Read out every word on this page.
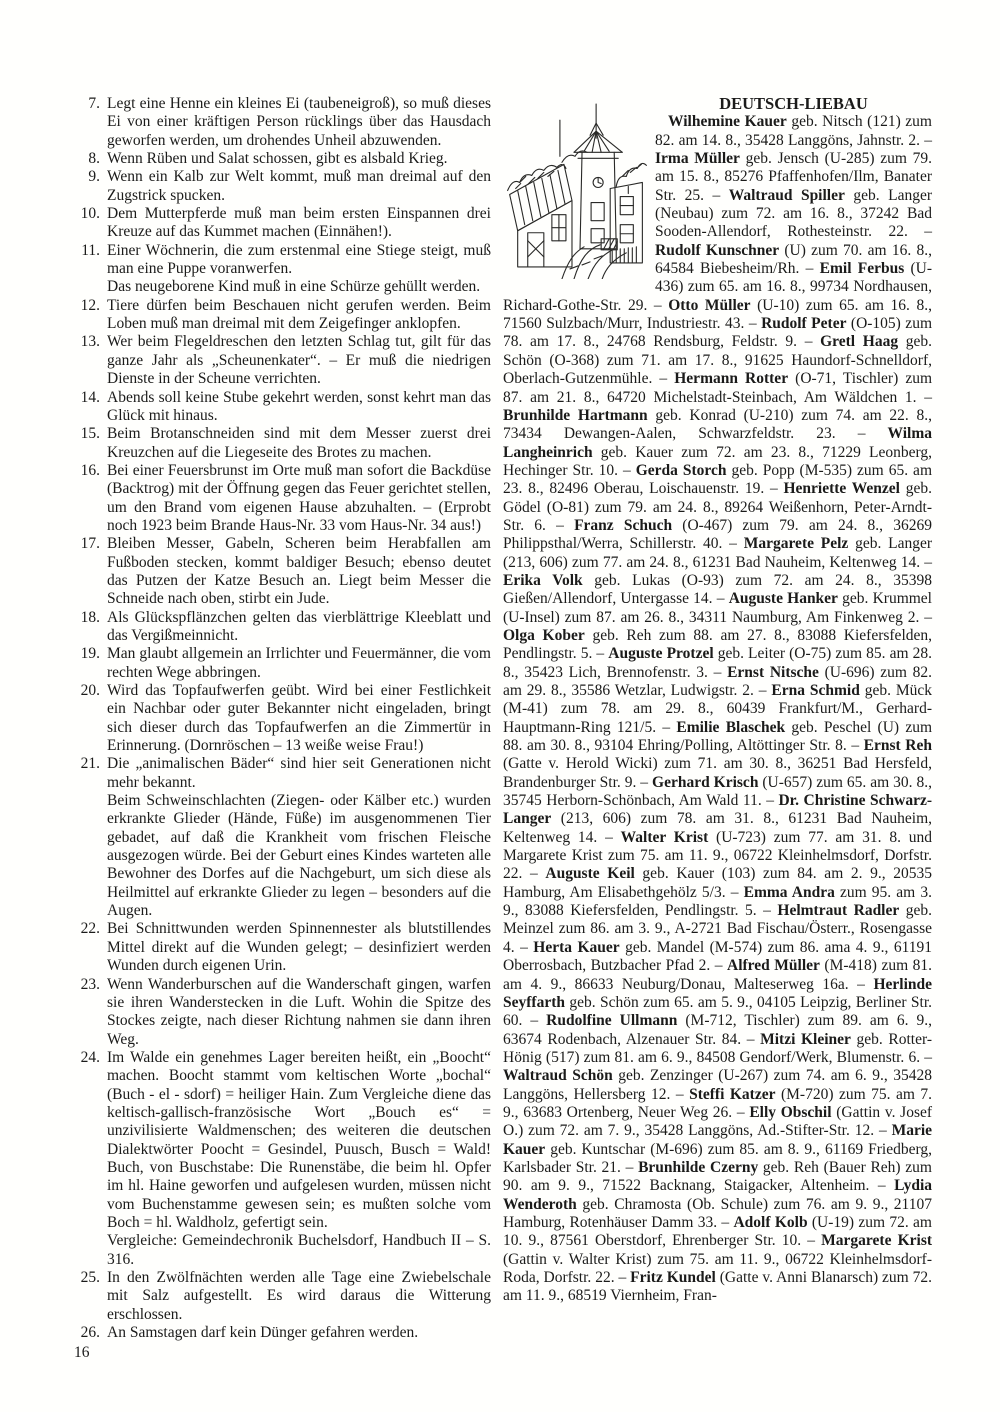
7. Legt eine Henne ein kleines Ei (taubeneigroß), so muß dieses Ei von einer kräftigen Person rücklings über das Hausdach geworfen werden, um drohendes Unheil abzuwenden.

8. Wenn Rüben und Salat schossen, gibt es alsbald Krieg.

9. Wenn ein Kalb zur Welt kommt, muß man dreimal auf den Zugstrick spucken.

10. Dem Mutterpferde muß man beim ersten Einspannen drei Kreuze auf das Kummet machen (Einnähen!).

11. Einer Wöchnerin, die zum erstenmal eine Stiege steigt, muß man eine Puppe voranwerfen.

Das neugeborene Kind muß in eine Schürze gehüllt werden.

12. Tiere dürfen beim Beschauen nicht gerufen werden. Beim Loben muß man dreimal mit dem Zeigefinger anklopfen.

13. Wer beim Flegeldreschen den letzten Schlag tut, gilt für das ganze Jahr als „Scheunenkater“. – Er muß die niedrigen Dienste in der Scheune verrichten.

14. Abends soll keine Stube gekehrt werden, sonst kehrt man das Glück mit hinaus.

15. Beim Brotanschneiden sind mit dem Messer zuerst drei Kreuzchen auf die Liegeseite des Brotes zu machen.

16. Bei einer Feuersbrunst im Orte muß man sofort die Backdüse (Backtrog) mit der Öffnung gegen das Feuer gerichtet stellen, um den Brand vom eigenen Hause abzuhalten. – (Erprobt noch 1923 beim Brande Haus-Nr. 33 vom Haus-Nr. 34 aus!)

17. Bleiben Messer, Gabeln, Scheren beim Herabfallen am Fußboden stecken, kommt baldiger Besuch; ebenso deutet das Putzen der Katze Besuch an. Liegt beim Messer die Schneide nach oben, stirbt ein Jude.

18. Als Glückspflänzchen gelten das vierblättrige Kleeblatt und das Vergißmeinnicht.

19. Man glaubt allgemein an Irrlichter und Feuermänner, die vom rechten Wege abbringen.

20. Wird das Topfaufwerfen geübt. Wird bei einer Festlichkeit ein Nachbar oder guter Bekannter nicht eingeladen, bringt sich dieser durch das Topfaufwerfen an die Zimmertür in Erinnerung. (Dornröschen – 13 weiße weise Frau!)

21. Die „animalischen Bäder“ sind hier seit Generationen nicht mehr bekannt.

Beim Schweinschlachten (Ziegen- oder Kälber etc.) wurden erkrankte Glieder (Hände, Füße) im ausgenommenen Tier gebadet, auf daß die Krankheit vom frischen Fleische ausgezogen würde. Bei der Geburt eines Kindes warteten alle Bewohner des Dorfes auf die Nachgeburt, um sich diese als Heilmittel auf erkrankte Glieder zu legen – besonders auf die Augen.

22. Bei Schnittwunden werden Spinnennester als blutstillendes Mittel direkt auf die Wunden gelegt; – desinfiziert werden Wunden durch eigenen Urin.

23. Wenn Wanderburschen auf die Wanderschaft gingen, warfen sie ihren Wanderstecken in die Luft. Wohin die Spitze des Stockes zeigte, nach dieser Richtung nahmen sie dann ihren Weg.

24. Im Walde ein genehmes Lager bereiten heißt, ein „Boocht“ machen. Boocht stammt vom keltischen Worte „bochal“ (Buch - el - sdorf) = heiliger Hain. Zum Vergleiche diene das keltisch-gallisch-französische Wort „Bouch es“ = unzivilisierte Waldmenschen; des weiteren die deutschen Dialektwörter Poocht = Gesindel, Puusch, Busch = Wald! Buch, von Buschstabe: Die Runenstäbe, die beim hl. Opfer im hl. Haine geworfen und aufgelesen wurden, müssen nicht vom Buchenstamme gewesen sein; es mußten solche vom Boch = hl. Waldholz, gefertigt sein.

Vergleiche: Gemeindechronik Buchelsdorf, Handbuch II – S. 316.

25. In den Zwölfnächten werden alle Tage eine Zwiebelschale mit Salz aufgestellt. Es wird daraus die Witterung erschlossen.

26. An Samstagen darf kein Dünger gefahren werden.

DEUTSCH-LIEBAU

Wilhemine Kauer geb. Nitsch (121) zum 82. am 14. 8., 35428 Langgöns, Jahnstr. 2. – Irma Müller geb. Jensch (U-285) zum 79. am 15. 8., 85276 Pfaffenhofen/Ilm, Banater Str. 25. – Waltraud Spiller geb. Langer (Neubau) zum 72. am 16. 8., 37242 Bad Sooden-Allendorf, Rothesteinstr. 22. – Rudolf Kunschner (U) zum 70. am 16. 8., 64584 Biebesheim/Rh. – Emil Ferbus (U-436) zum 65. am 16. 8., 99734 Nordhausen, Richard-Gothe-Str. 29. – Otto Müller (U-10) zum 65. am 16. 8., 71560 Sulzbach/Murr, Industriestr. 43. – Rudolf Peter (O-105) zum 78. am 17. 8., 24768 Rendsburg, Feldstr. 9. – Gretl Haag geb. Schön (O-368) zum 71. am 17. 8., 91625 Haundorf-Schnelldorf, Oberlach-Gutzenmühle. – Hermann Rotter (O-71, Tischler) zum 87. am 21. 8., 64720 Michelstadt-Steinbach, Am Wäldchen 1. – Brunhilde Hartmann geb. Konrad (U-210) zum 74. am 22. 8., 73434 Dewangen-Aalen, Schwarzfeldstr. 23. – Wilma Langheinrich geb. Kauer zum 72. am 23. 8., 71229 Leonberg, Hechinger Str. 10. – Gerda Storch geb. Popp (M-535) zum 65. am 23. 8., 82496 Oberau, Loischauenstr. 19. – Henriette Wenzel geb. Gödel (O-81) zum 79. am 24. 8., 89264 Weißenhorn, Peter-Arndt-Str. 6. – Franz Schuch (O-467) zum 79. am 24. 8., 36269 Philippsthal/Werra, Schillerstr. 40. – Margarete Pelz geb. Langer (213, 606) zum 77. am 24. 8., 61231 Bad Nauheim, Keltenweg 14. – Erika Volk geb. Lukas (O-93) zum 72. am 24. 8., 35398 Gießen/Allendorf, Untergasse 14. – Auguste Hanker geb. Krummel (U-Insel) zum 87. am 26. 8., 34311 Naumburg, Am Finkenweg 2. – Olga Kober geb. Reh zum 88. am 27. 8., 83088 Kiefersfelden, Pendlingstr. 5. – Auguste Protzel geb. Leiter (O-75) zum 85. am 28. 8., 35423 Lich, Brennofenstr. 3. – Ernst Nitsche (U-696) zum 82. am 29. 8., 35586 Wetzlar, Ludwigstr. 2. – Erna Schmid geb. Mück (M-41) zum 78. am 29. 8., 60439 Frankfurt/M., Gerhard-Hauptmann-Ring 121/5. – Emilie Blaschek geb. Peschel (U) zum 88. am 30. 8., 93104 Ehring/Polling, Altöttinger Str. 8. – Ernst Reh (Gatte v. Herold Wicki) zum 71. am 30. 8., 36251 Bad Hersfeld, Brandenburger Str. 9. – Gerhard Krisch (U-657) zum 65. am 30. 8., 35745 Herborn-Schönbach, Am Wald 11. – Dr. Christine Schwarz-Langer (213, 606) zum 78. am 31. 8., 61231 Bad Nauheim, Keltenweg 14. – Walter Krist (U-723) zum 77. am 31. 8. und Margarete Krist zum 75. am 11. 9., 06722 Kleinhelmsdorf, Dorfstr. 22. – Auguste Keil geb. Kauer (103) zum 84. am 2. 9., 20535 Hamburg, Am Elisabethgehölz 5/3. – Emma Andra zum 95. am 3. 9., 83088 Kiefersfelden, Pendlingstr. 5. – Helmtraut Radler geb. Meinzel zum 86. am 3. 9., A-2721 Bad Fischau/Österr., Rosengasse 4. – Herta Kauer geb. Mandel (M-574) zum 86. ama 4. 9., 61191 Oberrosbach, Butzbacher Pfad 2. – Alfred Müller (M-418) zum 81. am 4. 9., 86633 Neuburg/Donau, Malteserweg 16a. – Herlinde Seyffarth geb. Schön zum 65. am 5. 9., 04105 Leipzig, Berliner Str. 60. – Rudolfine Ullmann (M-712, Tischler) zum 89. am 6. 9., 63674 Rodenbach, Alzenauer Str. 84. – Mitzi Kleiner geb. Rotter-Hönig (517) zum 81. am 6. 9., 84508 Gendorf/Werk, Blumenstr. 6. – Waltraud Schön geb. Zenzinger (U-267) zum 74. am 6. 9., 35428 Langgöns, Hellersberg 12. – Steffi Katzer (M-720) zum 75. am 7. 9., 63683 Ortenberg, Neuer Weg 26. – Elly Obschil (Gattin v. Josef O.) zum 72. am 7. 9., 35428 Langgöns, Ad.-Stifter-Str. 12. – Marie Kauer geb. Kuntschar (M-696) zum 85. am 8. 9., 61169 Friedberg, Karlsbader Str. 21. – Brunhilde Czerny geb. Reh (Bauer Reh) zum 90. am 9. 9., 71522 Backnang, Staigacker, Altenheim. – Lydia Wenderoth geb. Chramosta (Ob. Schule) zum 76. am 9. 9., 21107 Hamburg, Rotenhäuser Damm 33. – Adolf Kolb (U-19) zum 72. am 10. 9., 87561 Oberstdorf, Ehrenberger Str. 10. – Margarete Krist (Gattin v. Walter Krist) zum 75. am 11. 9., 06722 Kleinhelmsdorf-Roda, Dorfstr. 22. – Fritz Kundel (Gatte v. Anni Blanarsch) zum 72. am 11. 9., 68519 Viernheim, Fran-

16
